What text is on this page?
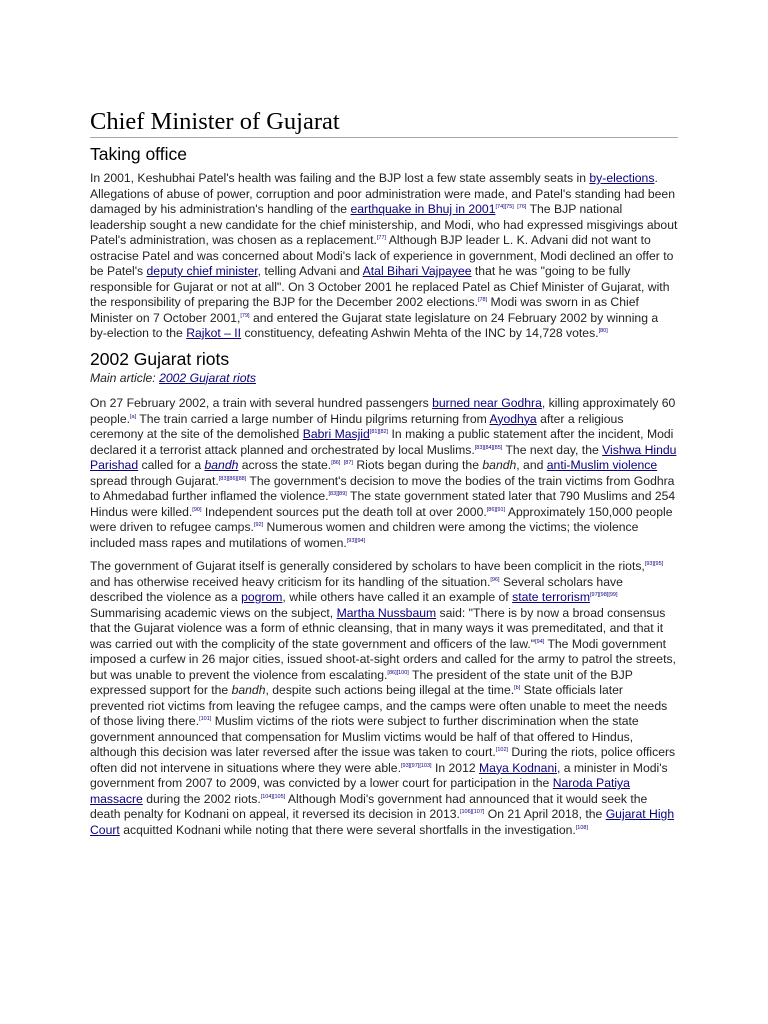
Chief Minister of Gujarat
Taking office

In 2001, Keshubhai Patel's health was failing and the BJP lost a few state assembly seats in by-elections. Allegations of abuse of power, corruption and poor administration were made, and Patel's standing had been damaged by his administration's handling of the earthquake in Bhuj in 2001[74][75] [76] The BJP national leadership sought a new candidate for the chief ministership, and Modi, who had expressed misgivings about Patel's administration, was chosen as a replacement.[77] Although BJP leader L. K. Advani did not want to ostracise Patel and was concerned about Modi's lack of experience in government, Modi declined an offer to be Patel's deputy chief minister, telling Advani and Atal Bihari Vajpayee that he was "going to be fully responsible for Gujarat or not at all". On 3 October 2001 he replaced Patel as Chief Minister of Gujarat, with the responsibility of preparing the BJP for the December 2002 elections.[78] Modi was sworn in as Chief Minister on 7 October 2001,[79] and entered the Gujarat state legislature on 24 February 2002 by winning a by-election to the Rajkot – II constituency, defeating Ashwin Mehta of the INC by 14,728 votes.[80]

2002 Gujarat riots
Main article: 2002 Gujarat riots

On 27 February 2002, a train with several hundred passengers burned near Godhra, killing approximately 60 people.[a] The train carried a large number of Hindu pilgrims returning from Ayodhya after a religious ceremony at the site of the demolished Babri Masjid[81][82] In making a public statement after the incident, Modi declared it a terrorist attack planned and orchestrated by local Muslims.[83][84][85] The next day, the Vishwa Hindu Parishad called for a bandh across the state.[86] [87] Riots began during the bandh, and anti-Muslim violence spread through Gujarat.[83][86][88] The government's decision to move the bodies of the train victims from Godhra to Ahmedabad further inflamed the violence.[83][89] The state government stated later that 790 Muslims and 254 Hindus were killed.[90] Independent sources put the death toll at over 2000.[86][91] Approximately 150,000 people were driven to refugee camps.[92] Numerous women and children were among the victims; the violence included mass rapes and mutilations of women.[93][94]

The government of Gujarat itself is generally considered by scholars to have been complicit in the riots,[93][95] and has otherwise received heavy criticism for its handling of the situation.[96] Several scholars have described the violence as a pogrom, while others have called it an example of state terrorism[97][98][99] Summarising academic views on the subject, Martha Nussbaum said: "There is by now a broad consensus that the Gujarat violence was a form of ethnic cleansing, that in many ways it was premeditated, and that it was carried out with the complicity of the state government and officers of the law."[94] The Modi government imposed a curfew in 26 major cities, issued shoot-at-sight orders and called for the army to patrol the streets, but was unable to prevent the violence from escalating.[86][100] The president of the state unit of the BJP expressed support for the bandh, despite such actions being illegal at the time.[b] State officials later prevented riot victims from leaving the refugee camps, and the camps were often unable to meet the needs of those living there.[101] Muslim victims of the riots were subject to further discrimination when the state government announced that compensation for Muslim victims would be half of that offered to Hindus, although this decision was later reversed after the issue was taken to court.[102] During the riots, police officers often did not intervene in situations where they were able.[93][97][103] In 2012 Maya Kodnani, a minister in Modi's government from 2007 to 2009, was convicted by a lower court for participation in the Naroda Patiya massacre during the 2002 riots.[104][105] Although Modi's government had announced that it would seek the death penalty for Kodnani on appeal, it reversed its decision in 2013.[106][107] On 21 April 2018, the Gujarat High Court acquitted Kodnani while noting that there were several shortfalls in the investigation.[108]
